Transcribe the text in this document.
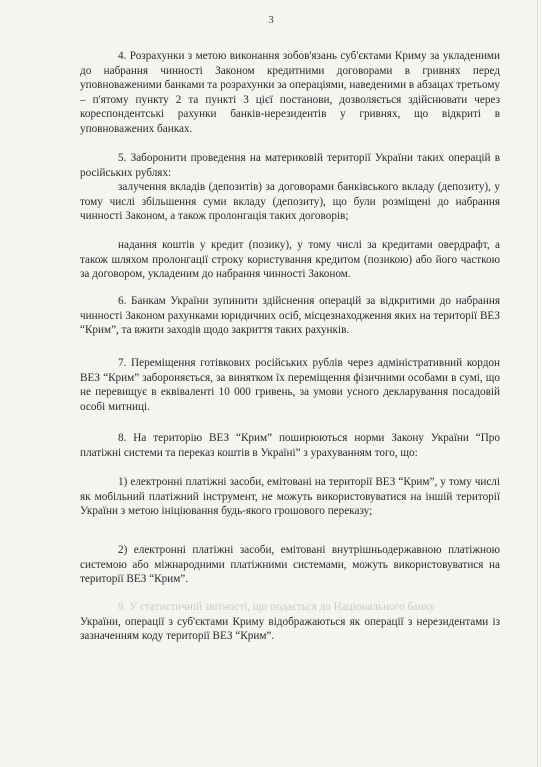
3

4. Розрахунки з метою виконання зобов'язань суб'єктами Криму за укладеними до набрання чинності Законом кредитними договорами в гривнях перед уповноваженими банками та розрахунки за операціями, наведеними в абзацах третьому – п'ятому пункту 2 та пункті 3 цієї постанови, дозволяється здійснювати через кореспондентські рахунки банків-нерезидентів у гривнях, що відкриті в уповноважених банках.

5. Заборонити проведення на материковій території України таких операцій в російських рублях:

залучення вкладів (депозитів) за договорами банківського вкладу (депозиту), у тому числі збільшення суми вкладу (депозиту), що були розміщені до набрання чинності Законом, а також пролонгація таких договорів;

надання коштів у кредит (позику), у тому числі за кредитами овердрафт, а також шляхом пролонгації строку користування кредитом (позикою) або його часткою за договором, укладеним до набрання чинності Законом.

6. Банкам України зупинити здійснення операцій за відкритими до набрання чинності Законом рахунками юридичних осіб, місцезнаходження яких на території ВЕЗ “Крим”, та вжити заходів щодо закриття таких рахунків.

7. Переміщення готівкових російських рублів через адміністративний кордон ВЕЗ “Крим” забороняється, за винятком їх переміщення фізичними особами в сумі, що не перевищує в еквіваленті 10 000 гривень, за умови усного декларування посадовій особі митниці.

8. На територію ВЕЗ “Крим” поширюються норми Закону України “Про платіжні системи та переказ коштів в Україні” з урахуванням того, що:

1) електронні платіжні засоби, емітовані на території ВЕЗ “Крим”, у тому числі як мобільний платіжний інструмент, не можуть використовуватися на іншій території України з метою ініціювання будь-якого грошового переказу;

2) електронні платіжні засоби, емітовані внутрішньодержавною платіжною системою або міжнародними платіжними системами, можуть використовуватися на території ВЕЗ “Крим”.

9. У статистичній звітності, що подається до Національного банку
України, операції з суб'єктами Криму відображаються як операції з нерезидентами із зазначенням коду території ВЕЗ “Крим”.
